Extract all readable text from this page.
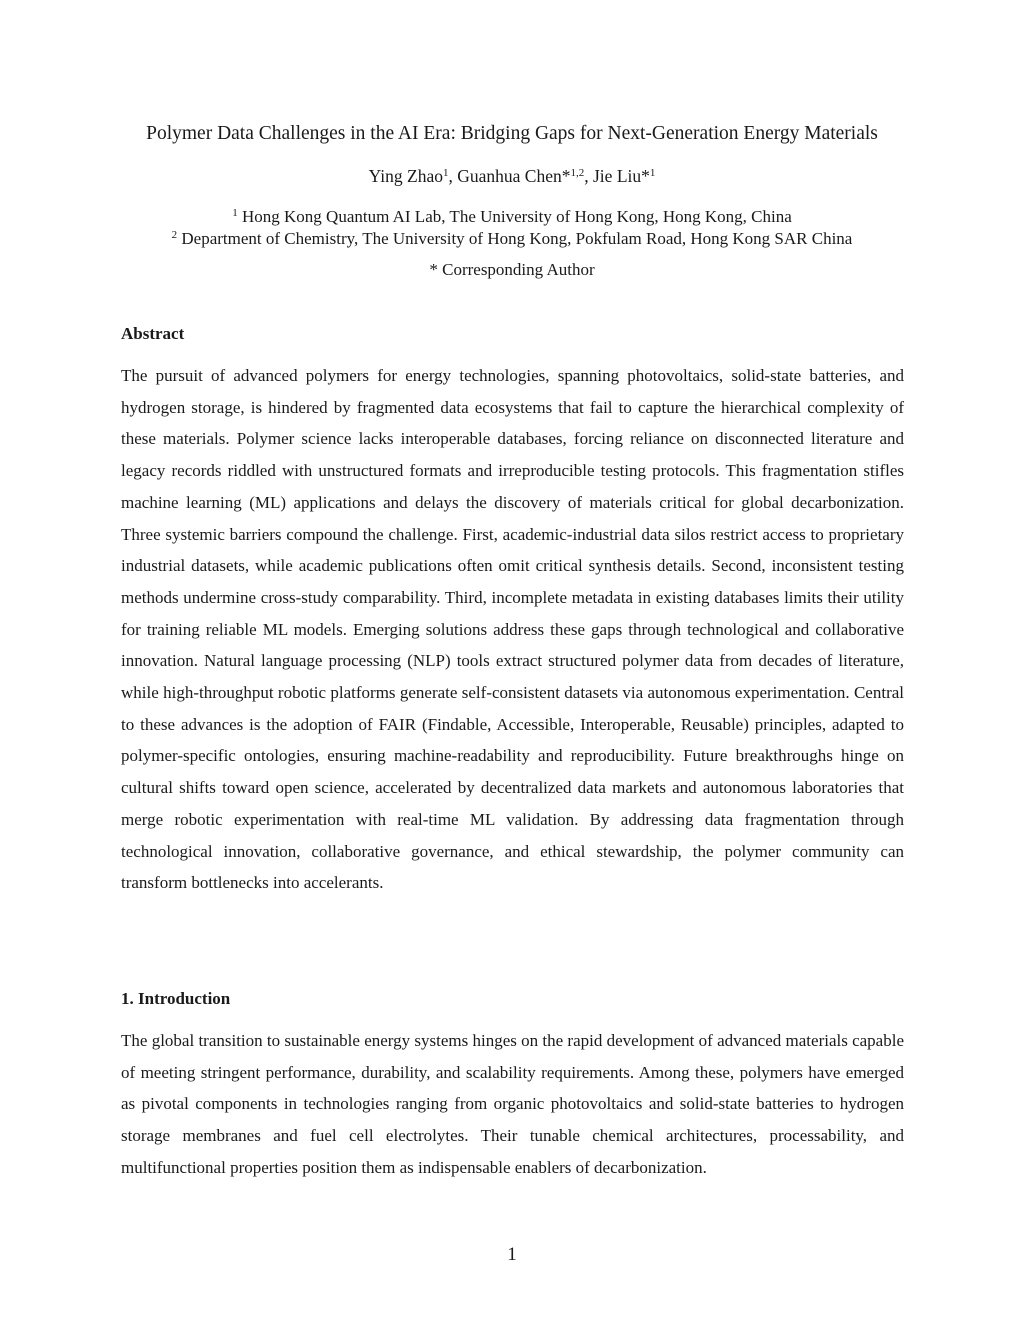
Polymer Data Challenges in the AI Era: Bridging Gaps for Next-Generation Energy Materials
Ying Zhao$^1$, Guanhua Chen*$^{1,2}$, Jie Liu*$^1$
$^1$ Hong Kong Quantum AI Lab, The University of Hong Kong, Hong Kong, China
$^2$ Department of Chemistry, The University of Hong Kong, Pokfulam Road, Hong Kong SAR China
* Corresponding Author
Abstract

The pursuit of advanced polymers for energy technologies, spanning photovoltaics, solid-state batteries, and hydrogen storage, is hindered by fragmented data ecosystems that fail to capture the hierarchical complexity of these materials. Polymer science lacks interoperable databases, forcing reliance on disconnected literature and legacy records riddled with unstructured formats and irreproducible testing protocols. This fragmentation stifles machine learning (ML) applications and delays the discovery of materials critical for global decarbonization. Three systemic barriers compound the challenge. First, academic-industrial data silos restrict access to proprietary industrial datasets, while academic publications often omit critical synthesis details. Second, inconsistent testing methods undermine cross-study comparability. Third, incomplete metadata in existing databases limits their utility for training reliable ML models. Emerging solutions address these gaps through technological and collaborative innovation. Natural language processing (NLP) tools extract structured polymer data from decades of literature, while high-throughput robotic platforms generate self-consistent datasets via autonomous experimentation. Central to these advances is the adoption of FAIR (Findable, Accessible, Interoperable, Reusable) principles, adapted to polymer-specific ontologies, ensuring machine-readability and reproducibility. Future breakthroughs hinge on cultural shifts toward open science, accelerated by decentralized data markets and autonomous laboratories that merge robotic experimentation with real-time ML validation. By addressing data fragmentation through technological innovation, collaborative governance, and ethical stewardship, the polymer community can transform bottlenecks into accelerants.

1. Introduction

The global transition to sustainable energy systems hinges on the rapid development of advanced materials capable of meeting stringent performance, durability, and scalability requirements. Among these, polymers have emerged as pivotal components in technologies ranging from organic photovoltaics and solid-state batteries to hydrogen storage membranes and fuel cell electrolytes. Their tunable chemical architectures, processability, and multifunctional properties position them as indispensable enablers of decarbonization.

1
